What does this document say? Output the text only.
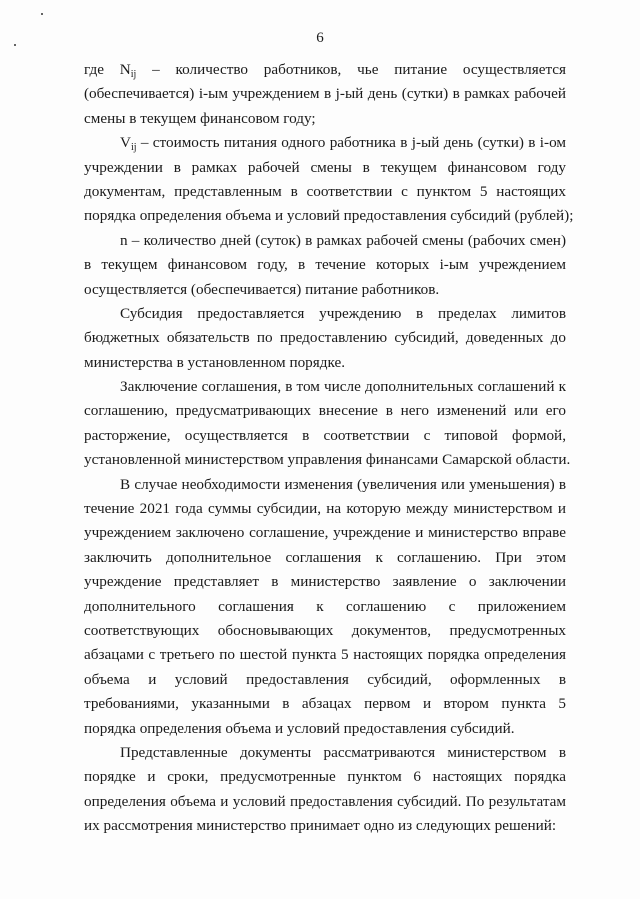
6
где $N_{ij}$ – количество работников, чье питание осуществляется
(обеспечивается) i-ым учреждением в j-ый день (сутки) в рамках рабочей
смены в текущем финансовом году;
$V_{ij}$ – стоимость питания одного работника в j-ый день (сутки) в i-ом
учреждении в рамках рабочей смены в текущем финансовом году
документам, представленным в соответствии с пунктом 5 настоящих
порядка определения объема и условий предоставления субсидий (рублей);
n – количество дней (суток) в рамках рабочей смены (рабочих смен)
в текущем финансовом году, в течение которых i-ым учреждением
осуществляется (обеспечивается) питание работников.
Субсидия предоставляется учреждению в пределах лимитов
бюджетных обязательств по предоставлению субсидий, доведенных до
министерства в установленном порядке.
Заключение соглашения, в том числе дополнительных соглашений к
соглашению, предусматривающих внесение в него изменений или его
расторжение, осуществляется в соответствии с типовой формой,
установленной министерством управления финансами Самарской области.
В случае необходимости изменения (увеличения или уменьшения) в
течение 2021 года суммы субсидии, на которую между министерством и
учреждением заключено соглашение, учреждение и министерство вправе
заключить дополнительное соглашения к соглашению. При этом
учреждение представляет в министерство заявление о заключении
дополнительного соглашения к соглашению с приложением
соответствующих обосновывающих документов, предусмотренных
абзацами с третьего по шестой пункта 5 настоящих порядка определения
объема и условий предоставления субсидий, оформленных в
требованиями, указанными в абзацах первом и втором пункта 5
порядка определения объема и условий предоставления субсидий.
Представленные документы рассматриваются министерством в
порядке и сроки, предусмотренные пунктом 6 настоящих порядка
определения объема и условий предоставления субсидий. По результатам
их рассмотрения министерство принимает одно из следующих решений:
